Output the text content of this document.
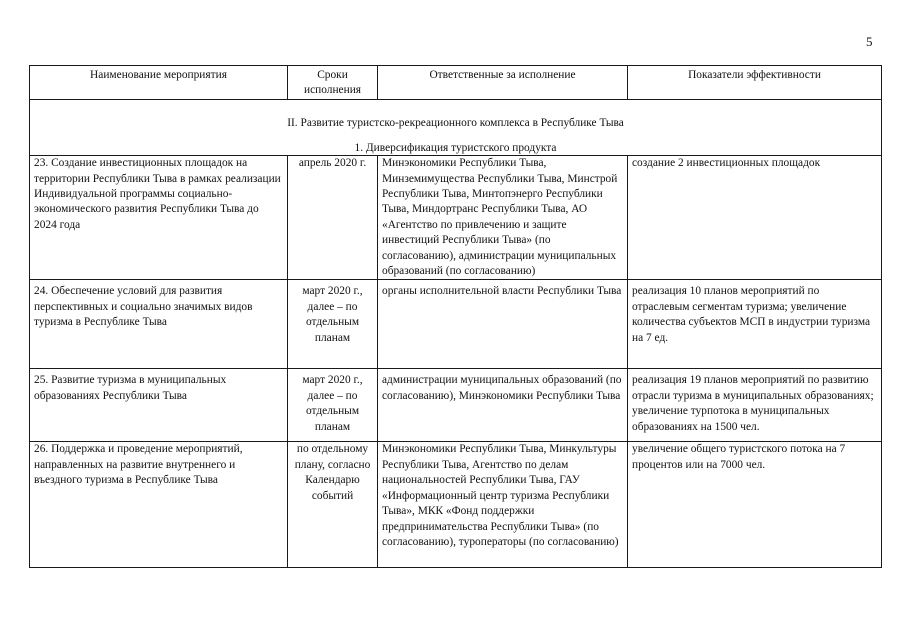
5
Наименование мероприятия	Сроки исполнения	Ответственные за исполнение	Показатели эффективности

II. Развитие туристско-рекреационного комплекса в Республике Тыва
1. Диверсификация туристского продукта			

23. Создание инвестиционных площадок на территории Республики Тыва в рамках реализации Индивидуальной программы социально-экономического развития Республики Тыва до 2024 года	апрель 2020 г.	Минэкономики Республики Тыва, Минземимущества Республики Тыва, Минстрой Республики Тыва, Минтопэнерго Республики Тыва, Миндортранс Республики Тыва, АО «Агентство по привлечению и защите инвестиций Республики Тыва» (по согласованию), администрации муниципальных образований (по согласованию)	создание 2 инвестиционных площадок
24. Обеспечение условий для развития перспективных и социально значимых видов туризма в Республике Тыва	март 2020 г., далее – по отдельным планам	органы исполнительной власти Республики Тыва	реализация 10 планов мероприятий по отраслевым сегментам туризма; увеличение количества субъектов МСП в индустрии туризма на 7 ед.
25. Развитие туризма в муниципальных образованиях Республики Тыва	март 2020 г., далее – по отдельным планам	администрации муниципальных образований (по согласованию), Минэкономики Республики Тыва	реализация 19 планов мероприятий по развитию отрасли туризма в муниципальных образованиях; увеличение турпотока в муниципальных образованиях на 1500 чел.
26. Поддержка и проведение мероприятий, направленных на развитие внутреннего и въездного туризма в Республике Тыва	по отдельному плану, согласно Календарю событий	Минэкономики Республики Тыва, Минкультуры Республики Тыва, Агентство по делам национальностей Республики Тыва, ГАУ «Информационный центр туризма Республики Тыва», МКК «Фонд поддержки предпринимательства Республики Тыва» (по согласованию), туроператоры (по согласованию)	увеличение общего туристского потока на 7 процентов или на 7000 чел.
